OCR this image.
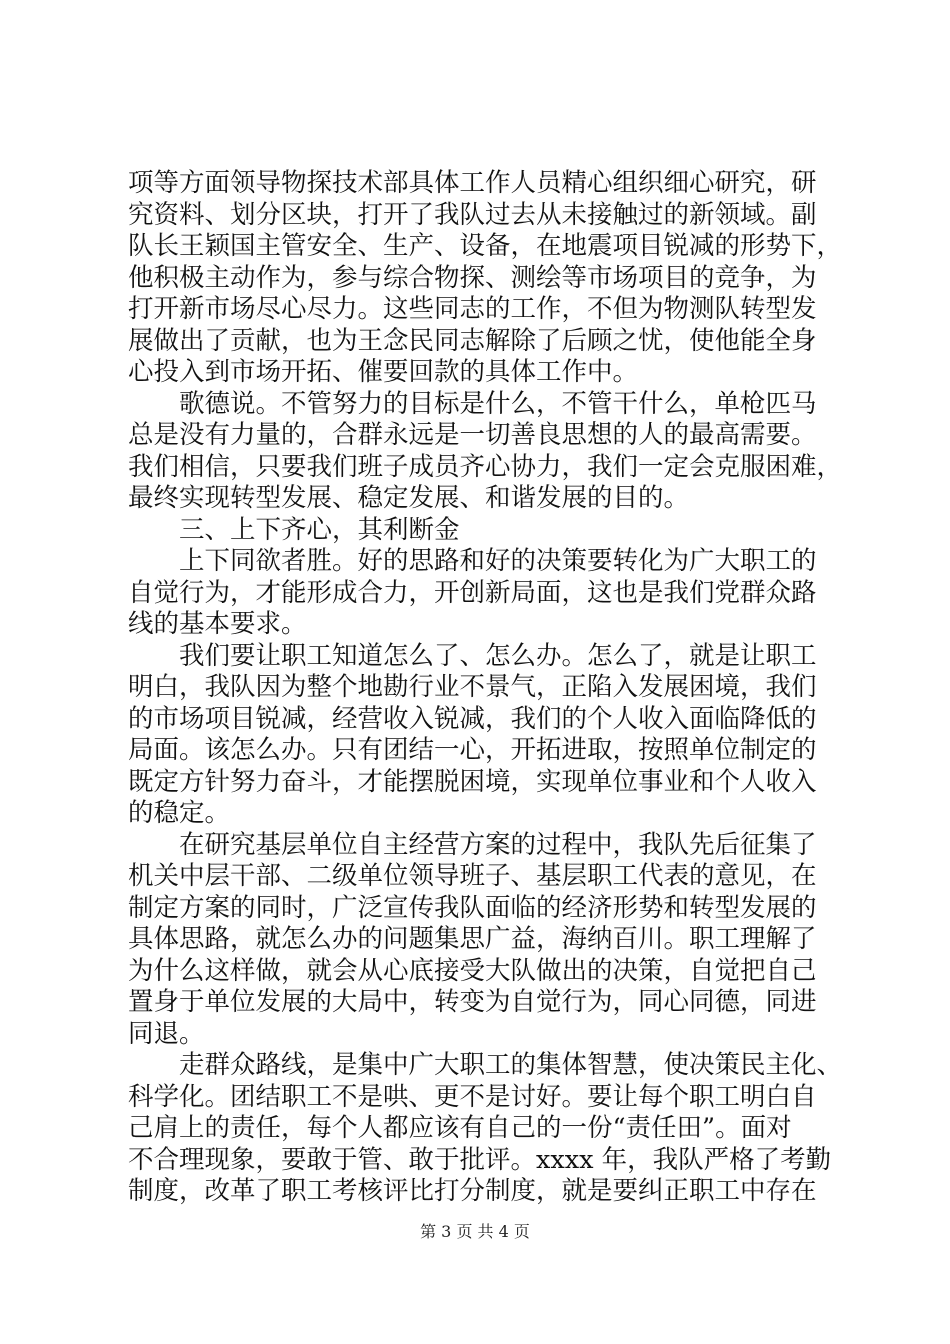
项等方面领导物探技术部具体工作人员精心组织细心研究，研
究资料、划分区块，打开了我队过去从未接触过的新领域。副
队长王颖国主管安全、生产、设备，在地震项目锐减的形势下，
他积极主动作为，参与综合物探、测绘等市场项目的竞争，为
打开新市场尽心尽力。这些同志的工作，不但为物测队转型发
展做出了贡献，也为王念民同志解除了后顾之忧，使他能全身
心投入到市场开拓、催要回款的具体工作中。
歌德说。不管努力的目标是什么，不管干什么，单枪匹马
总是没有力量的，合群永远是一切善良思想的人的最高需要。
我们相信，只要我们班子成员齐心协力，我们一定会克服困难，
最终实现转型发展、稳定发展、和谐发展的目的。
三、上下齐心，其利断金
上下同欲者胜。好的思路和好的决策要转化为广大职工的
自觉行为，才能形成合力，开创新局面，这也是我们党群众路
线的基本要求。
我们要让职工知道怎么了、怎么办。怎么了，就是让职工
明白，我队因为整个地勘行业不景气，正陷入发展困境，我们
的市场项目锐减，经营收入锐减，我们的个人收入面临降低的
局面。该怎么办。只有团结一心，开拓进取，按照单位制定的
既定方针努力奋斗，才能摆脱困境，实现单位事业和个人收入
的稳定。
在研究基层单位自主经营方案的过程中，我队先后征集了
机关中层干部、二级单位领导班子、基层职工代表的意见，在
制定方案的同时，广泛宣传我队面临的经济形势和转型发展的
具体思路，就怎么办的问题集思广益，海纳百川。职工理解了
为什么这样做，就会从心底接受大队做出的决策，自觉把自己
置身于单位发展的大局中，转变为自觉行为，同心同德，同进
同退。
走群众路线，是集中广大职工的集体智慧，使决策民主化、
科学化。团结职工不是哄、更不是讨好。要让每个职工明白自
己肩上的责任，每个人都应该有自己的一份“责任田”。面对
不合理现象，要敢于管、敢于批评。xxxx 年，我队严格了考勤
制度，改革了职工考核评比打分制度，就是要纠正职工中存在
第 3 页 共 4 页
